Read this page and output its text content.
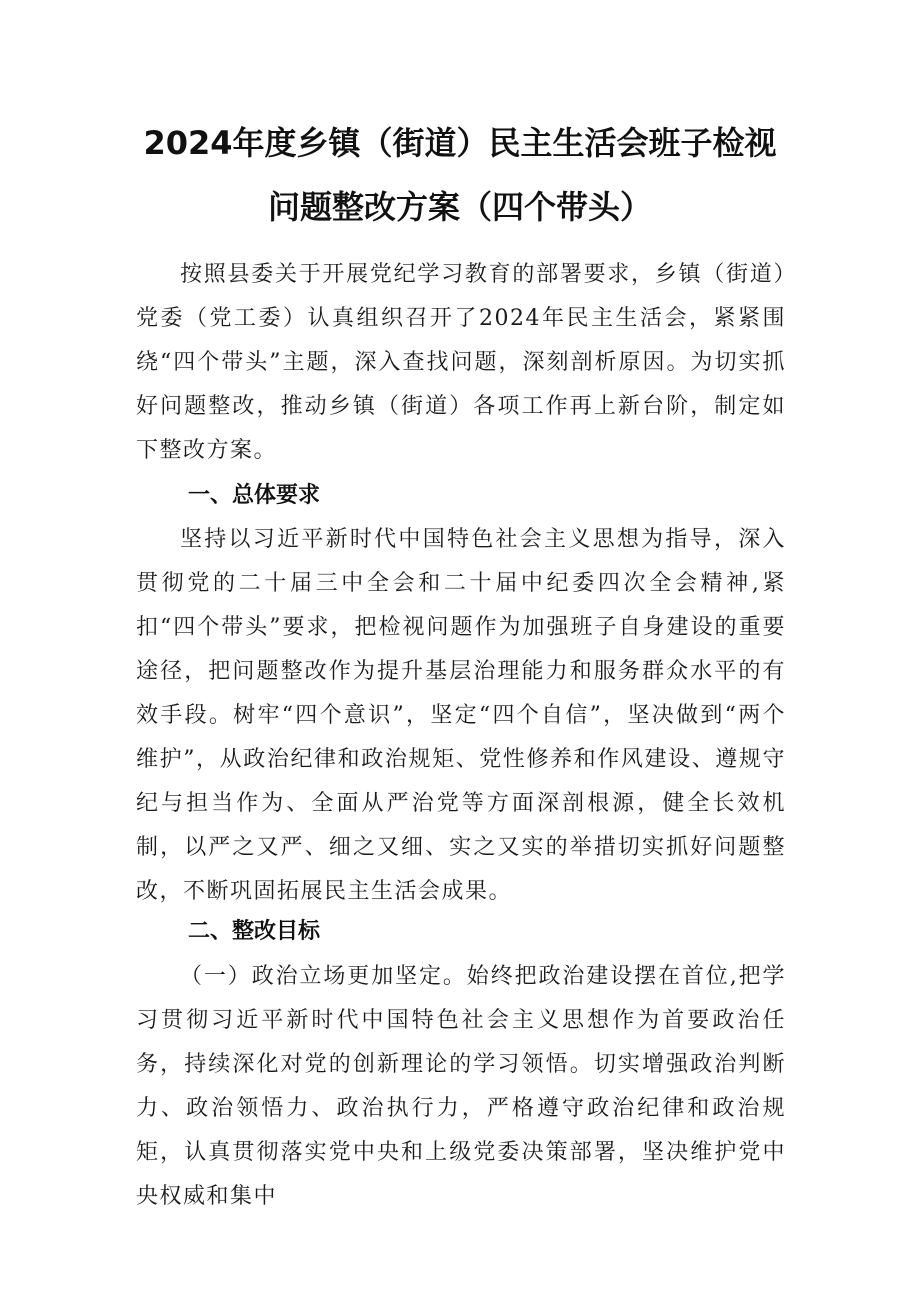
2024年度乡镇（街道）民主生活会班子检视
问题整改方案（四个带头）

按照县委关于开展党纪学习教育的部署要求，乡镇（街道）党委（党工委）认真组织召开了2024年民主生活会，紧紧围绕“四个带头”主题，深入查找问题，深刻剖析原因。为切实抓好问题整改，推动乡镇（街道）各项工作再上新台阶，制定如下整改方案。

一、总体要求

坚持以习近平新时代中国特色社会主义思想为指导，深入贯彻党的二十届三中全会和二十届中纪委四次全会精神,紧扣“四个带头”要求，把检视问题作为加强班子自身建设的重要途径，把问题整改作为提升基层治理能力和服务群众水平的有效手段。树牢“四个意识”，坚定“四个自信”，坚决做到“两个维护”，从政治纪律和政治规矩、党性修养和作风建设、遵规守纪与担当作为、全面从严治党等方面深剖根源，健全长效机制，以严之又严、细之又细、实之又实的举措切实抓好问题整改，不断巩固拓展民主生活会成果。

二、整改目标

（一）政治立场更加坚定。始终把政治建设摆在首位,把学习贯彻习近平新时代中国特色社会主义思想作为首要政治任务，持续深化对党的创新理论的学习领悟。切实增强政治判断力、政治领悟力、政治执行力，严格遵守政治纪律和政治规矩，认真贯彻落实党中央和上级党委决策部署，坚决维护党中央权威和集中
